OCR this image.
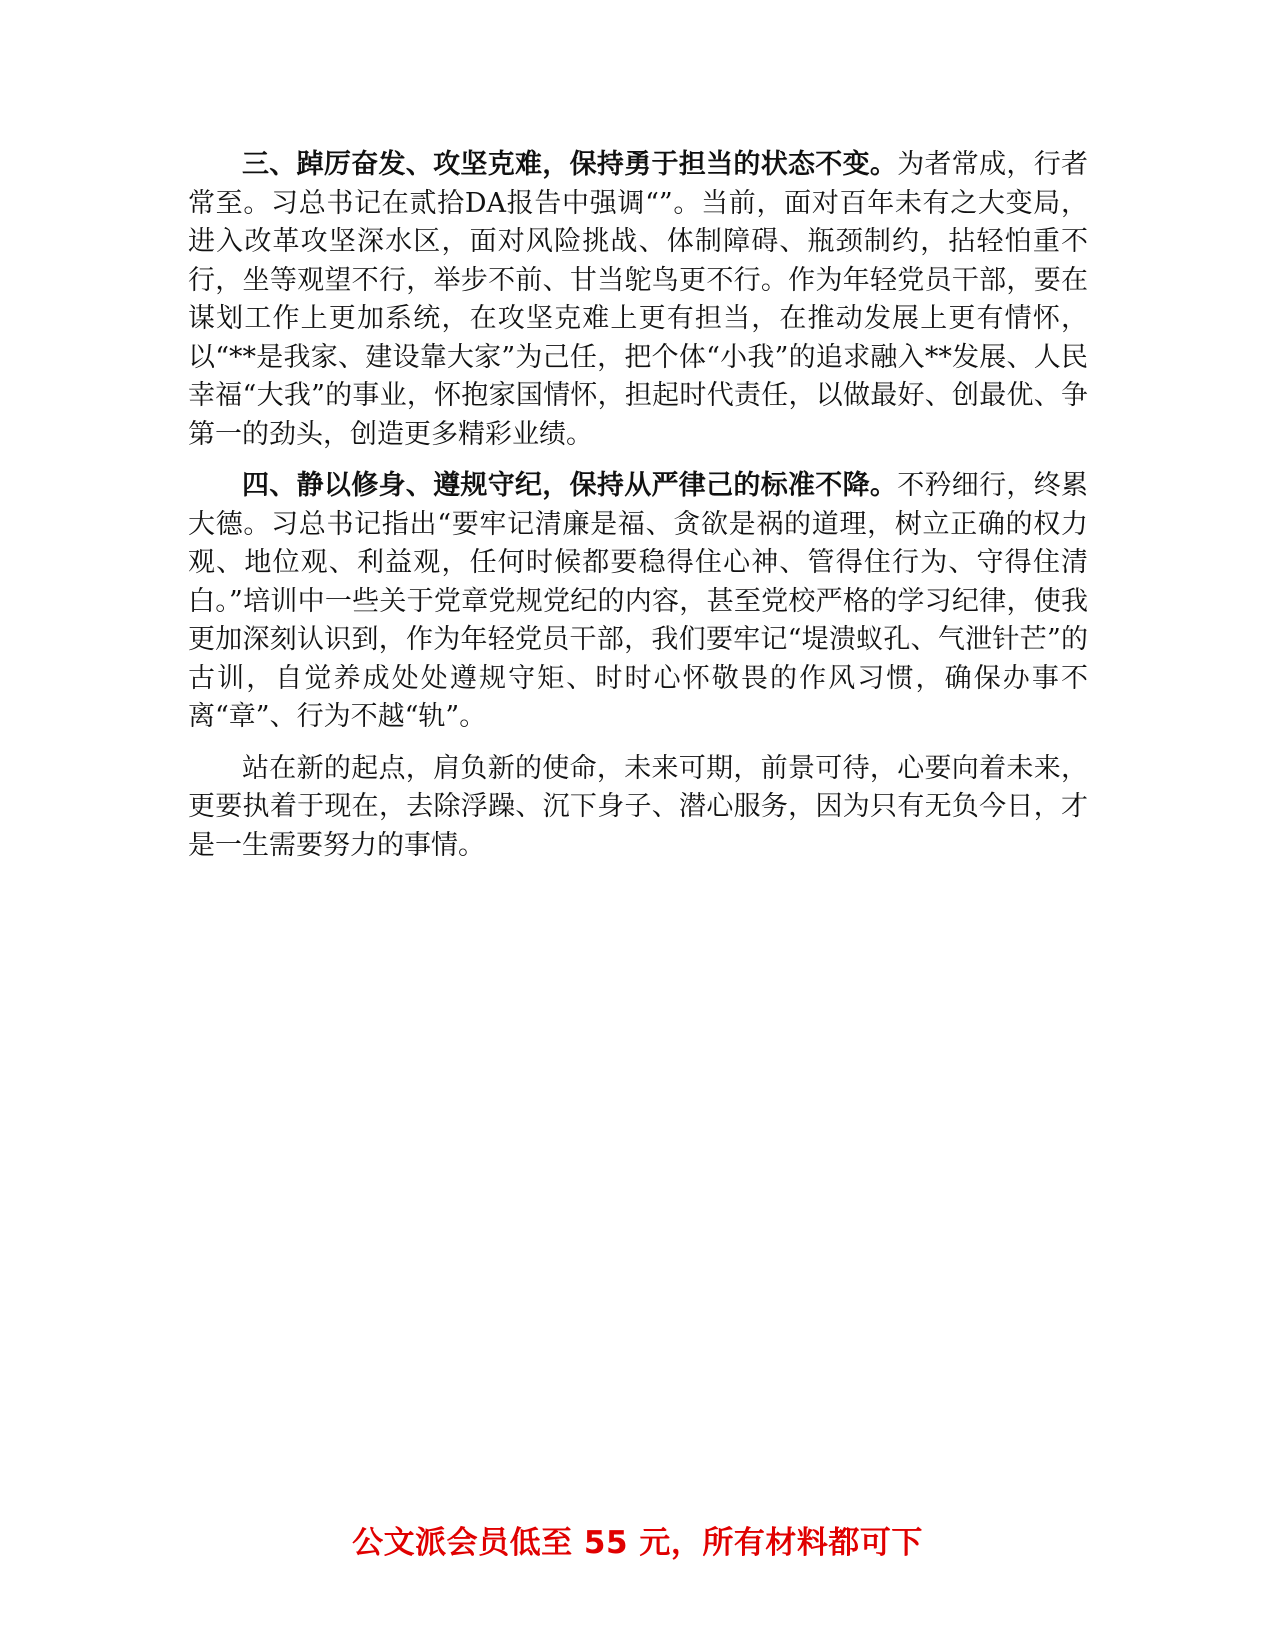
三、踔厉奋发、攻坚克难，保持勇于担当的状态不变。为者常成，行者常至。习总书记在贰拾DA报告中强调“”。当前，面对百年未有之大变局，进入改革攻坚深水区，面对风险挑战、体制障碍、瓶颈制约，拈轻怕重不行，坐等观望不行，举步不前、甘当鸵鸟更不行。作为年轻党员干部，要在谋划工作上更加系统，在攻坚克难上更有担当，在推动发展上更有情怀，以“**是我家、建设靠大家”为己任，把个体“小我”的追求融入**发展、人民幸福“大我”的事业，怀抱家国情怀，担起时代责任，以做最好、创最优、争第一的劲头，创造更多精彩业绩。

四、静以修身、遵规守纪，保持从严律己的标准不降。不矜细行，终累大德。习总书记指出“要牢记清廉是福、贪欲是祸的道理，树立正确的权力观、地位观、利益观，任何时候都要稳得住心神、管得住行为、守得住清白。”培训中一些关于党章党规党纪的内容，甚至党校严格的学习纪律，使我更加深刻认识到，作为年轻党员干部，我们要牢记“堤溃蚁孔、气泄针芒”的古训，自觉养成处处遵规守矩、时时心怀敬畏的作风习惯，确保办事不离“章”、行为不越“轨”。

站在新的起点，肩负新的使命，未来可期，前景可待，心要向着未来，更要执着于现在，去除浮躁、沉下身子、潜心服务，因为只有无负今日，才是一生需要努力的事情。

公文派会员低至 55 元，所有材料都可下
